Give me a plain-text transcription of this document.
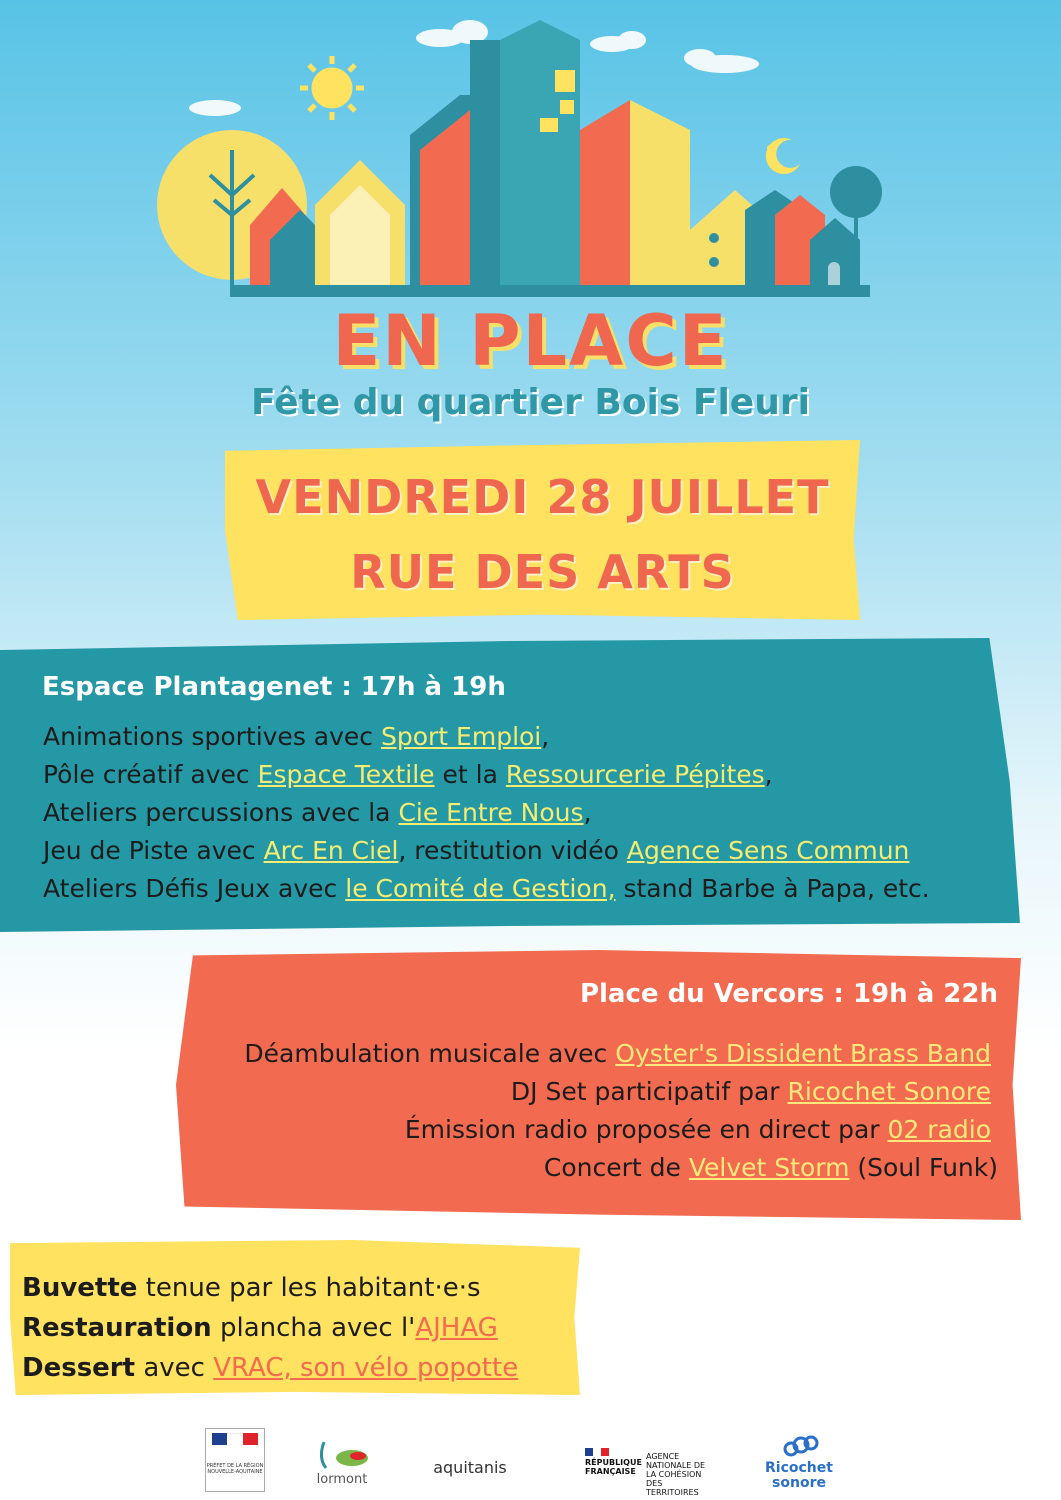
EN PLACE
Fête du quartier Bois Fleuri
VENDREDI 28 JUILLET
RUE DES ARTS
Espace Plantagenet : 17h à 19h
Animations sportives avec Sport Emploi,
Pôle créatif avec Espace Textile et la Ressourcerie Pépites,
Ateliers percussions avec la Cie Entre Nous,
Jeu de Piste avec Arc En Ciel, restitution vidéo Agence Sens Commun
Ateliers Défis Jeux avec le Comité de Gestion, stand Barbe à Papa, etc.
Place du Vercors : 19h à 22h
Déambulation musicale avec Oyster's Dissident Brass Band
DJ Set participatif par Ricochet Sonore
Émission radio proposée en direct par 02 radio
Concert de Velvet Storm (Soul Funk)
Buvette tenue par les habitant·e·s
Restauration plancha avec l'AJHAG
Dessert avec VRAC, son vélo popotte
PRÉFET DE LA RÉGION NOUVELLE-AQUITAINE	lormont
aquitanis	RÉPUBLIQUE FRANÇAISE
AGENCE NATIONALE DE LA COHÉSION DES TERRITOIRES
Ricochet
sonore
